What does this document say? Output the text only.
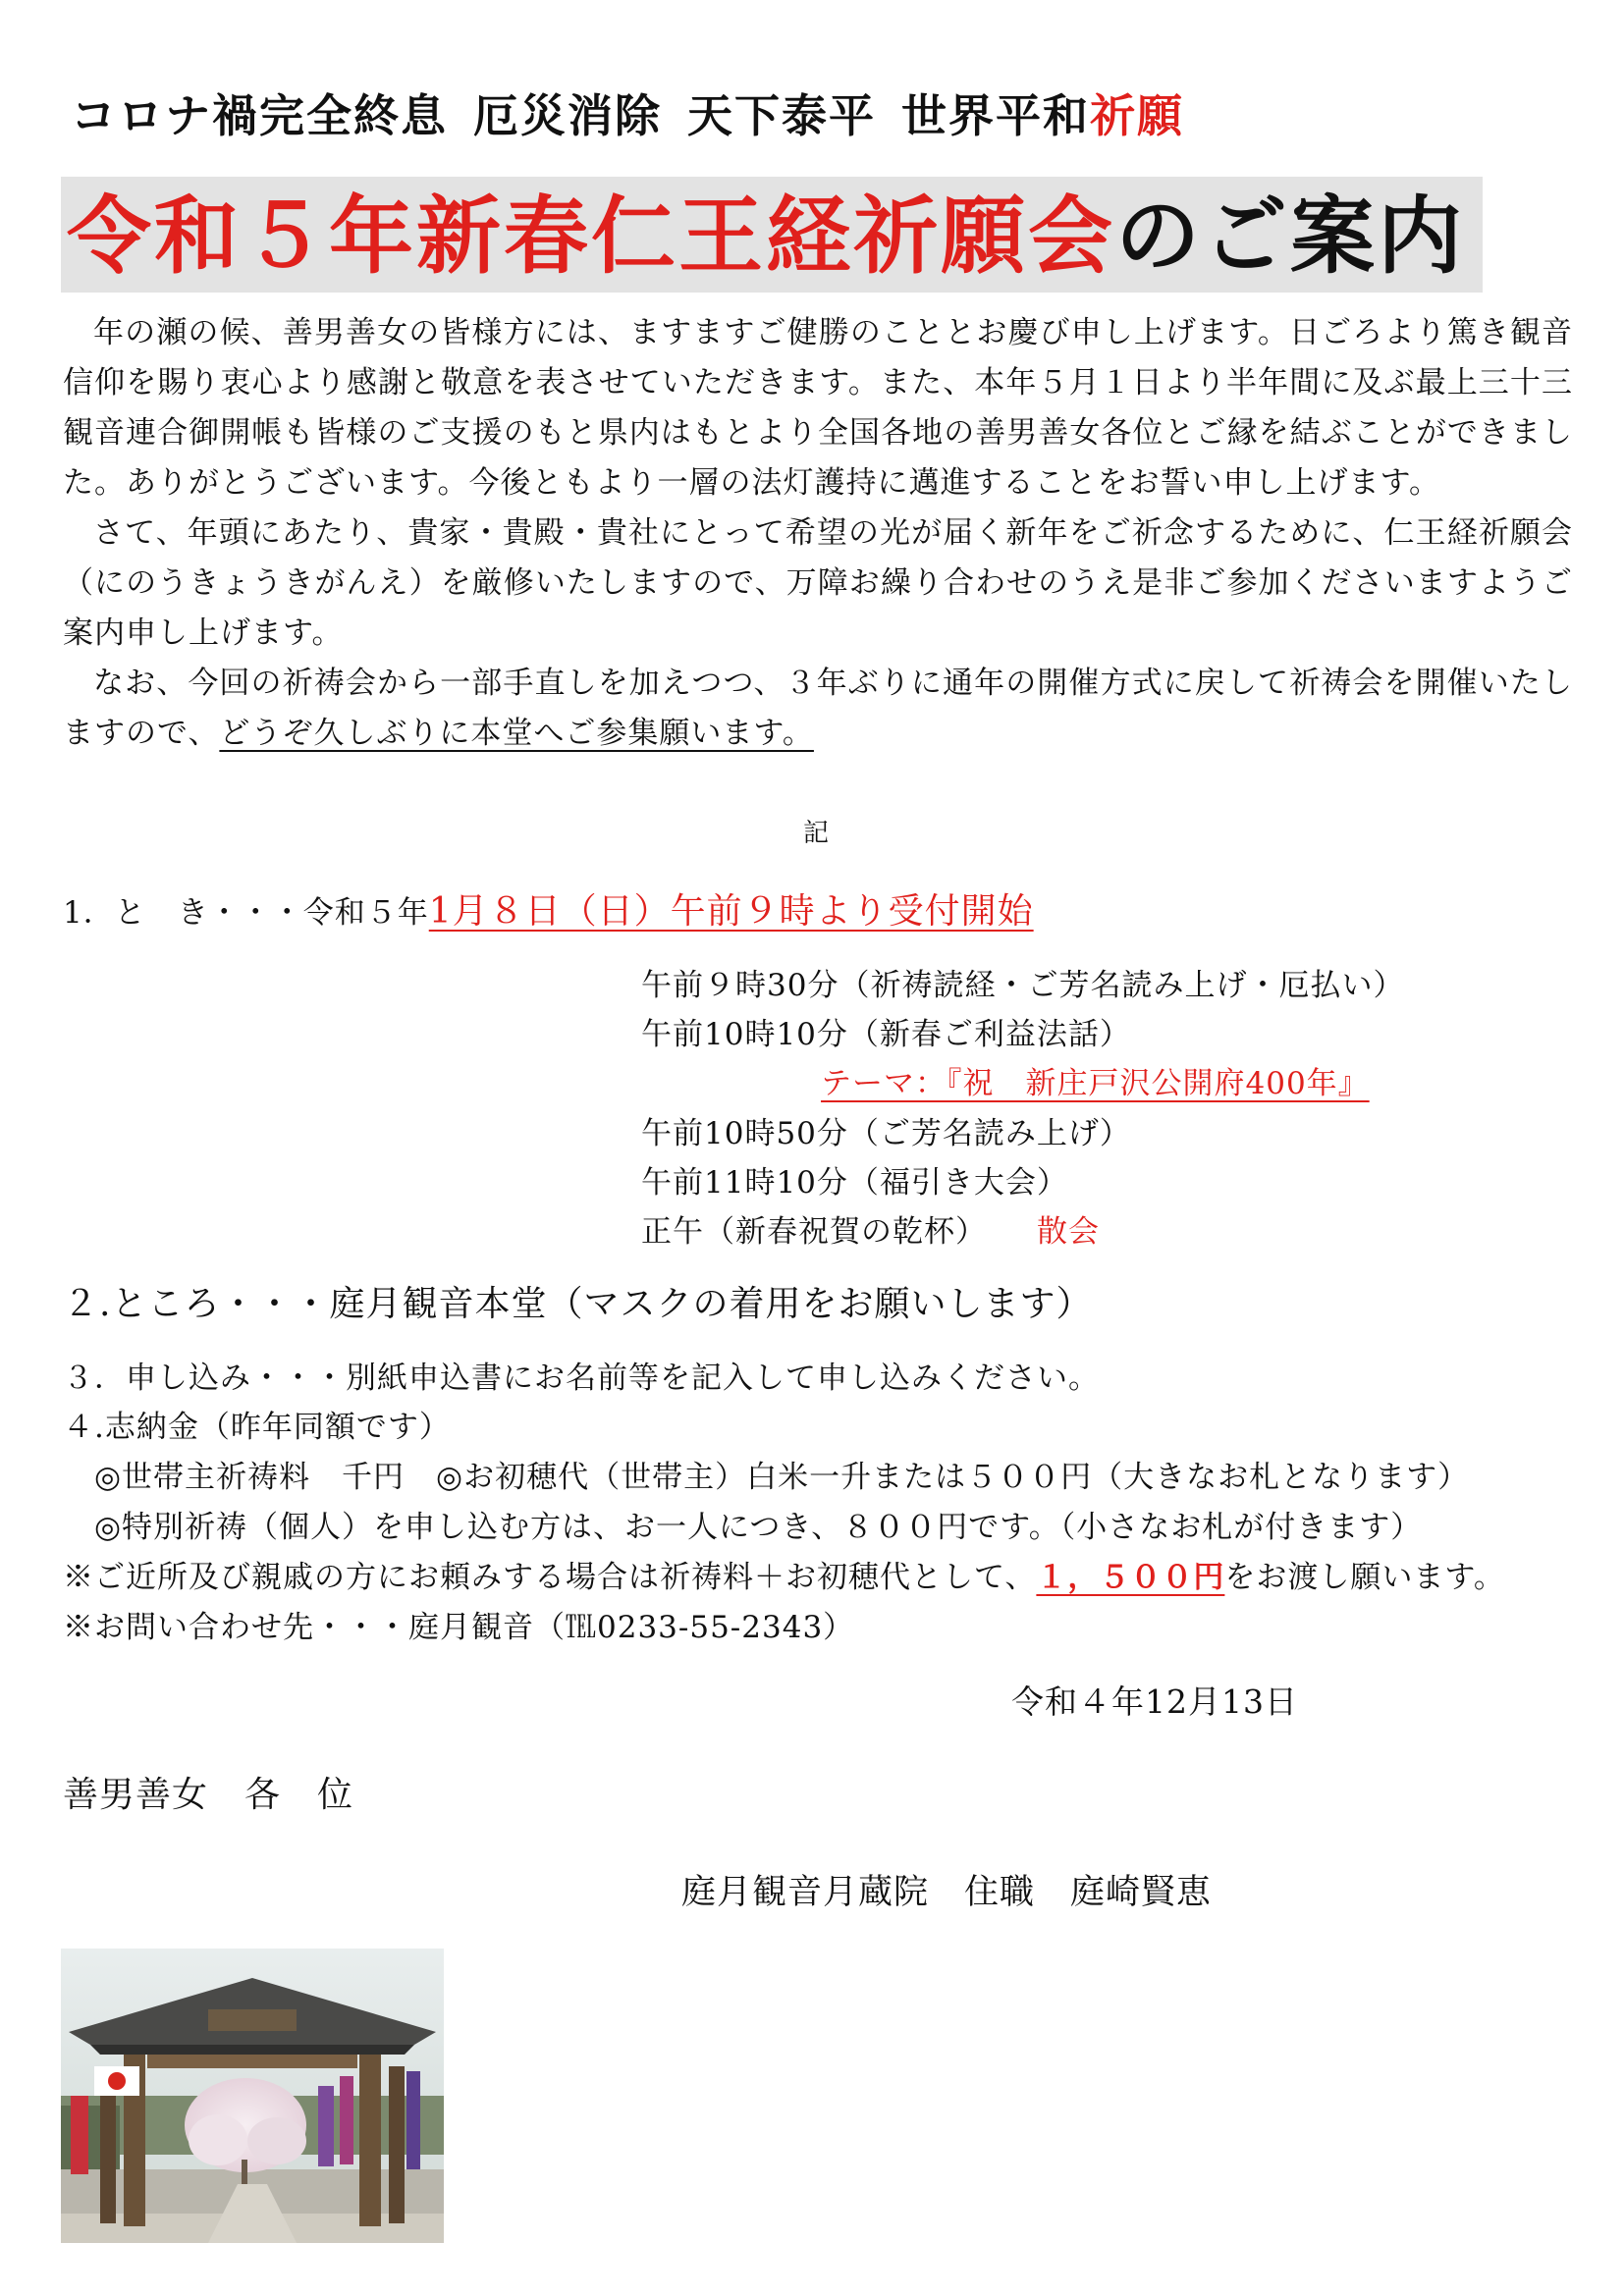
コロナ禍完全終息 厄災消除 天下泰平 世界平和祈願
令和５年新春仁王経祈願会のご案内

年の瀬の候、善男善女の皆様方には、ますますご健勝のこととお慶び申し上げます。日ごろより篤き観音信仰を賜り衷心より感謝と敬意を表させていただきます。また、本年５月１日より半年間に及ぶ最上三十三観音連合御開帳も皆様のご支援のもと県内はもとより全国各地の善男善女各位とご縁を結ぶことができました。ありがとうございます。今後ともより一層の法灯護持に邁進することをお誓い申し上げます。

さて、年頭にあたり、貴家・貴殿・貴社にとって希望の光が届く新年をご祈念するために、仁王経祈願会（にのうきょうきがんえ）を厳修いたしますので、万障お繰り合わせのうえ是非ご参加くださいますようご案内申し上げます。

なお、今回の祈祷会から一部手直しを加えつつ、３年ぶりに通年の開催方式に戻して祈祷会を開催いたしますので、どうぞ久しぶりに本堂へご参集願います。

記
1．と　き・・・令和５年1月８日（日）午前９時より受付開始
午前９時30分（祈祷読経・ご芳名読み上げ・厄払い）
午前10時10分（新春ご利益法話）
テーマ：『祝　新庄戸沢公開府400年』
午前10時50分（ご芳名読み上げ）
午前11時10分（福引き大会）
正午（新春祝賀の乾杯） 散会
２.ところ・・・庭月観音本堂（マスクの着用をお願いします）
３．申し込み・・・別紙申込書にお名前等を記入して申し込みください。
４.志納金（昨年同額です）
◎世帯主祈祷料　千円　◎お初穂代（世帯主）白米一升または５００円（大きなお札となります）
◎特別祈祷（個人）を申し込む方は、お一人につき、８００円です。（小さなお札が付きます）
※ご近所及び親戚の方にお頼みする場合は祈祷料＋お初穂代として、１，５００円をお渡し願います。
※お問い合わせ先・・・庭月観音（℡0233-55-2343）
令和４年12月13日
善男善女　各　位
庭月観音月蔵院　住職　庭崎賢恵
